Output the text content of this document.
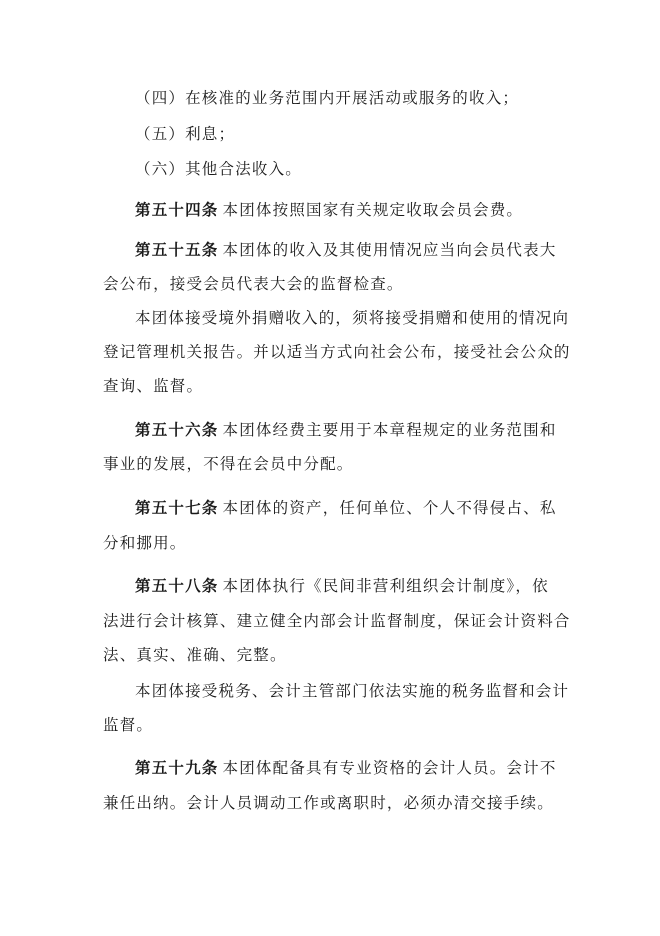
（四）在核准的业务范围内开展活动或服务的收入；
（五）利息；
（六）其他合法收入。
第五十四条 本团体按照国家有关规定收取会员会费。
第五十五条 本团体的收入及其使用情况应当向会员代表大
会公布，接受会员代表大会的监督检查。
本团体接受境外捐赠收入的，须将接受捐赠和使用的情况向
登记管理机关报告。并以适当方式向社会公布，接受社会公众的
查询、监督。
第五十六条 本团体经费主要用于本章程规定的业务范围和
事业的发展，不得在会员中分配。
第五十七条 本团体的资产，任何单位、个人不得侵占、私
分和挪用。
第五十八条 本团体执行《民间非营利组织会计制度》，依
法进行会计核算、建立健全内部会计监督制度，保证会计资料合
法、真实、准确、完整。
本团体接受税务、会计主管部门依法实施的税务监督和会计
监督。
第五十九条 本团体配备具有专业资格的会计人员。会计不
兼任出纳。会计人员调动工作或离职时，必须办清交接手续。
